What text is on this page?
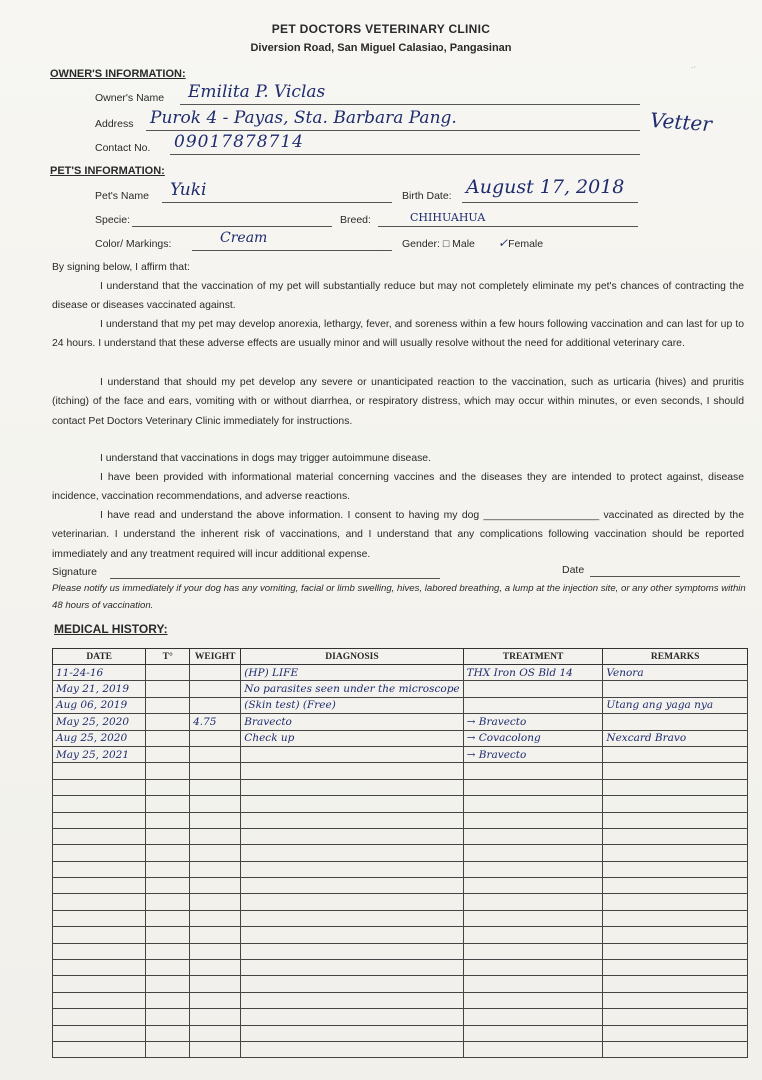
PET DOCTORS VETERINARY CLINIC
Diversion Road, San Miguel Calasiao, Pangasinan
OWNER'S INFORMATION:
Owner's Name Emilita P. Viclas
Address Purok 4 - Payas, Sta. Barbara Pang.
Contact No. 09017878714
Vetter
PET'S INFORMATION:
Pet's Name Yuki	Birth Date: August 17, 2018
Specie:	Breed:	CHIHUAHUA
Color/ Markings:	Cream	Gender: □ Male ✓Female
By signing below, I affirm that:
I understand that the vaccination of my pet will substantially reduce but may not completely eliminate my pet's chances of contracting the disease or diseases vaccinated against.
I understand that my pet may develop anorexia, lethargy, fever, and soreness within a few hours following vaccination and can last for up to 24 hours. I understand that these adverse effects are usually minor and will usually resolve without the need for additional veterinary care.
I understand that should my pet develop any severe or unanticipated reaction to the vaccination, such as urticaria (hives) and pruritis (itching) of the face and ears, vomiting with or without diarrhea, or respiratory distress, which may occur within minutes, or even seconds, I should contact Pet Doctors Veterinary Clinic immediately for instructions.
I understand that vaccinations in dogs may trigger autoimmune disease.
I have been provided with informational material concerning vaccines and the diseases they are intended to protect against, disease incidence, vaccination recommendations, and adverse reactions.
I have read and understand the above information. I consent to having my dog ____________________ vaccinated as directed by the veterinarian. I understand the inherent risk of vaccinations, and I understand that any complications following vaccination should be reported immediately and any treatment required will incur additional expense.
Signature	Date
Please notify us immediately if your dog has any vomiting, facial or limb swelling, hives, labored breathing, a lump at the injection site, or any other symptoms within 48 hours of vaccination.
MEDICAL HISTORY:
DATE	T°	WEIGHT	DIAGNOSIS	TREATMENT	REMARKS
11-24-16			(HP) LIFE	THX Iron OS Bld 14	Venora
May 21, 2019			No parasites seen under the microscope		
Aug 06, 2019			(Skin test) (Free)		Utang ang yaga nya
May 25, 2020		4.75	Bravecto	→ Bravecto	
Aug 25, 2020			Check up	→ Covacolong	Nexcard Bravo
May 25, 2021				→ Bravecto	

..
